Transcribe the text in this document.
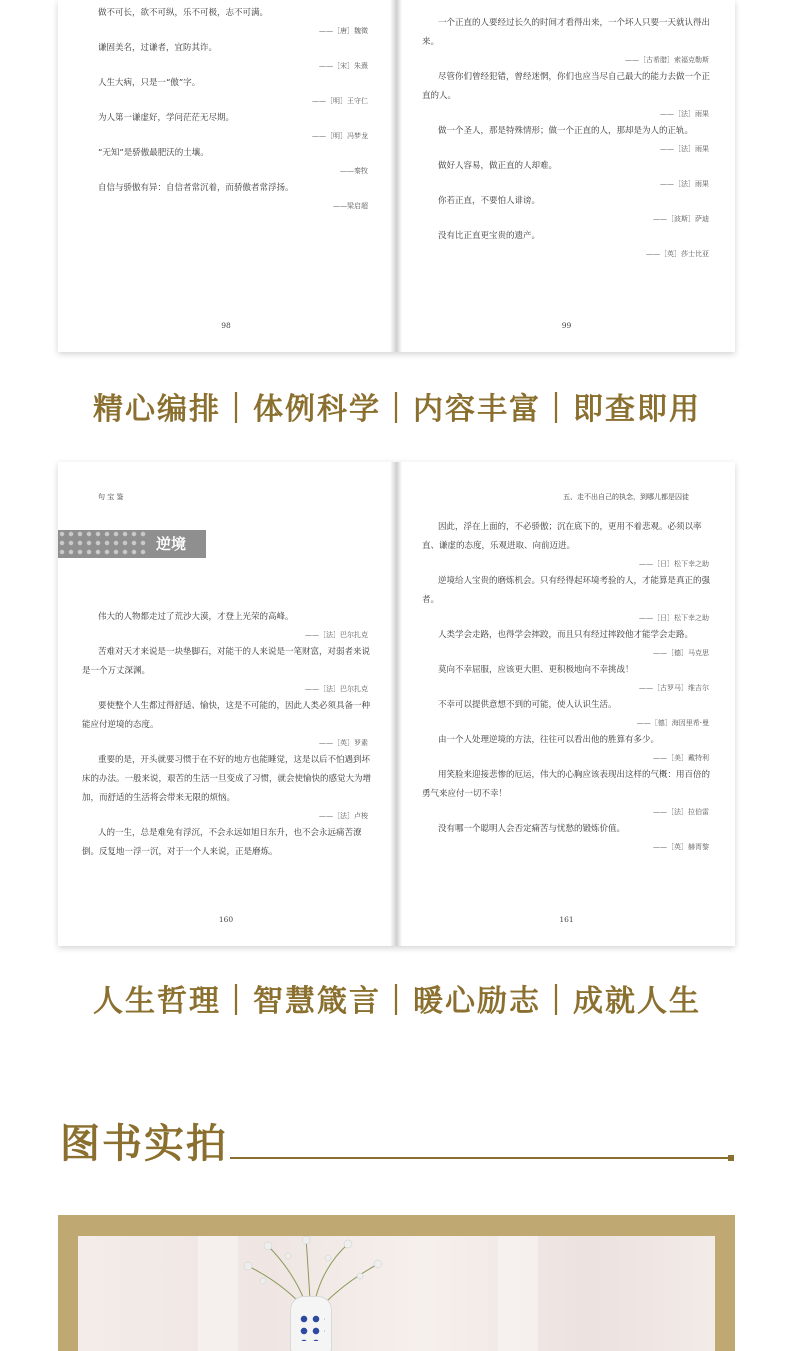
做不可长，欲不可纵，乐不可极，志不可满。
——［唐］魏徵
谦固美名，过谦者，宜防其诈。
——［宋］朱熹
人生大病，只是一“傲”字。
——［明］王守仁
为人第一谦虚好，学问茫茫无尽期。
——［明］冯梦龙
“无知”是骄傲最肥沃的土壤。
——秦牧
自信与骄傲有异：自信者常沉着，而骄傲者常浮扬。
——梁启超
98
一个正直的人要经过长久的时间才看得出来，一个坏人只要一天就认得出来。
——［古希腊］索福克勒斯
尽管你们曾经犯错，曾经迷惘，你们也应当尽自己最大的能力去做一个正直的人。
——［法］雨果
做一个圣人，那是特殊情形；做一个正直的人，那却是为人的正轨。
——［法］雨果
做好人容易，做正直的人却难。
——［法］雨果
你若正直，不要怕人诽谤。
——［波斯］萨迪
没有比正直更宝贵的遗产。
——［英］莎士比亚
99
精心编排｜体例科学｜内容丰富｜即查即用
句 宝 鉴
逆境
伟大的人物都走过了荒沙大漠，才登上光荣的高峰。
——［法］巴尔扎克
苦难对天才来说是一块垫脚石，对能干的人来说是一笔财富，对弱者来说是一个万丈深渊。
——［法］巴尔扎克
要使整个人生都过得舒适、愉快，这是不可能的，因此人类必须具备一种能应付逆境的态度。
——［英］罗素
重要的是，开头就要习惯于在不好的地方也能睡觉，这是以后不怕遇到坏床的办法。一般来说，艰苦的生活一旦变成了习惯，就会使愉快的感觉大为增加，而舒适的生活将会带来无限的烦恼。
——［法］卢梭
人的一生，总是难免有浮沉，不会永远如旭日东升，也不会永远痛苦潦倒。反复地一浮一沉，对于一个人来说，正是磨炼。
160
五、走不出自己的执念，到哪儿都是囚徒
因此，浮在上面的，不必骄傲；沉在底下的，更用不着悲观。必须以率直、谦虚的态度，乐观进取、向前迈进。
——［日］松下幸之助
逆境给人宝贵的磨炼机会。只有经得起环境考验的人，才能算是真正的强者。
——［日］松下幸之助
人类学会走路，也得学会摔跤，而且只有经过摔跤他才能学会走路。
——［德］马克思
莫向不幸屈服，应该更大胆、更积极地向不幸挑战！
——［古罗马］维吉尔
不幸可以提供意想不到的可能，使人认识生活。
——［德］海因里希·曼
由一个人处理逆境的方法，往往可以看出他的胜算有多少。
——［美］戴特利
用笑脸来迎接悲惨的厄运，伟大的心胸应该表现出这样的气概：用百倍的勇气来应付一切不幸！
——［法］拉伯雷
没有哪一个聪明人会否定痛苦与忧愁的锻炼价值。
——［英］赫胥黎
161
人生哲理｜智慧箴言｜暖心励志｜成就人生
图书实拍
